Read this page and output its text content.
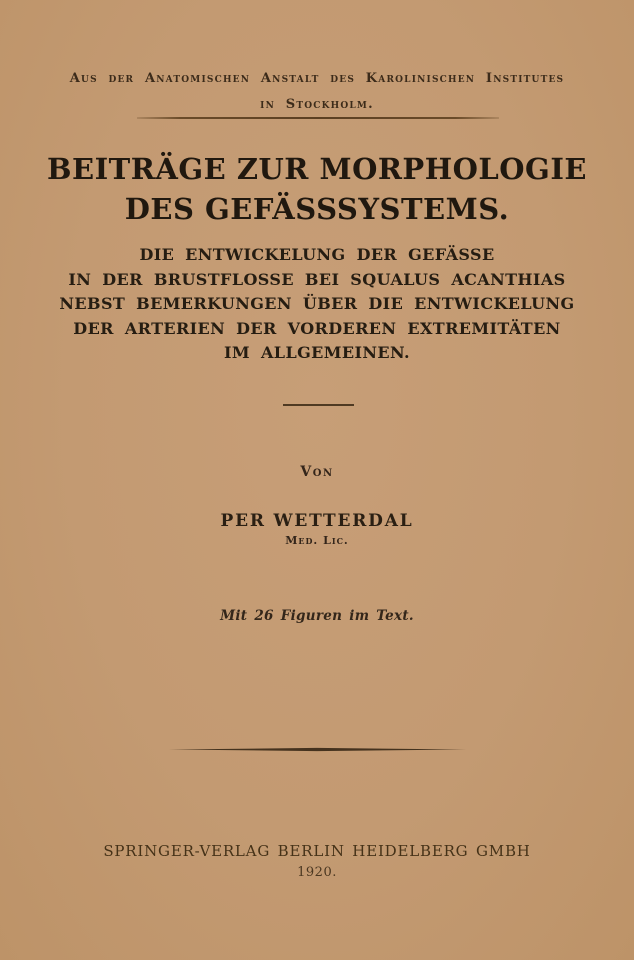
Aus der Anatomischen Anstalt des Karolinischen Institutes
in Stockholm.
BEITRÄGE ZUR MORPHOLOGIE
DES GEFÄSSSYSTEMS.
DIE ENTWICKELUNG DER GEFÄSSE
IN DER BRUSTFLOSSE BEI SQUALUS ACANTHIAS
NEBST BEMERKUNGEN ÜBER DIE ENTWICKELUNG
DER ARTERIEN DER VORDEREN EXTREMITÄTEN
IM ALLGEMEINEN.
Von
PER WETTERDAL
Med. Lic.
Mit 26 Figuren im Text.
SPRINGER-VERLAG BERLIN HEIDELBERG GMBH
1920.
